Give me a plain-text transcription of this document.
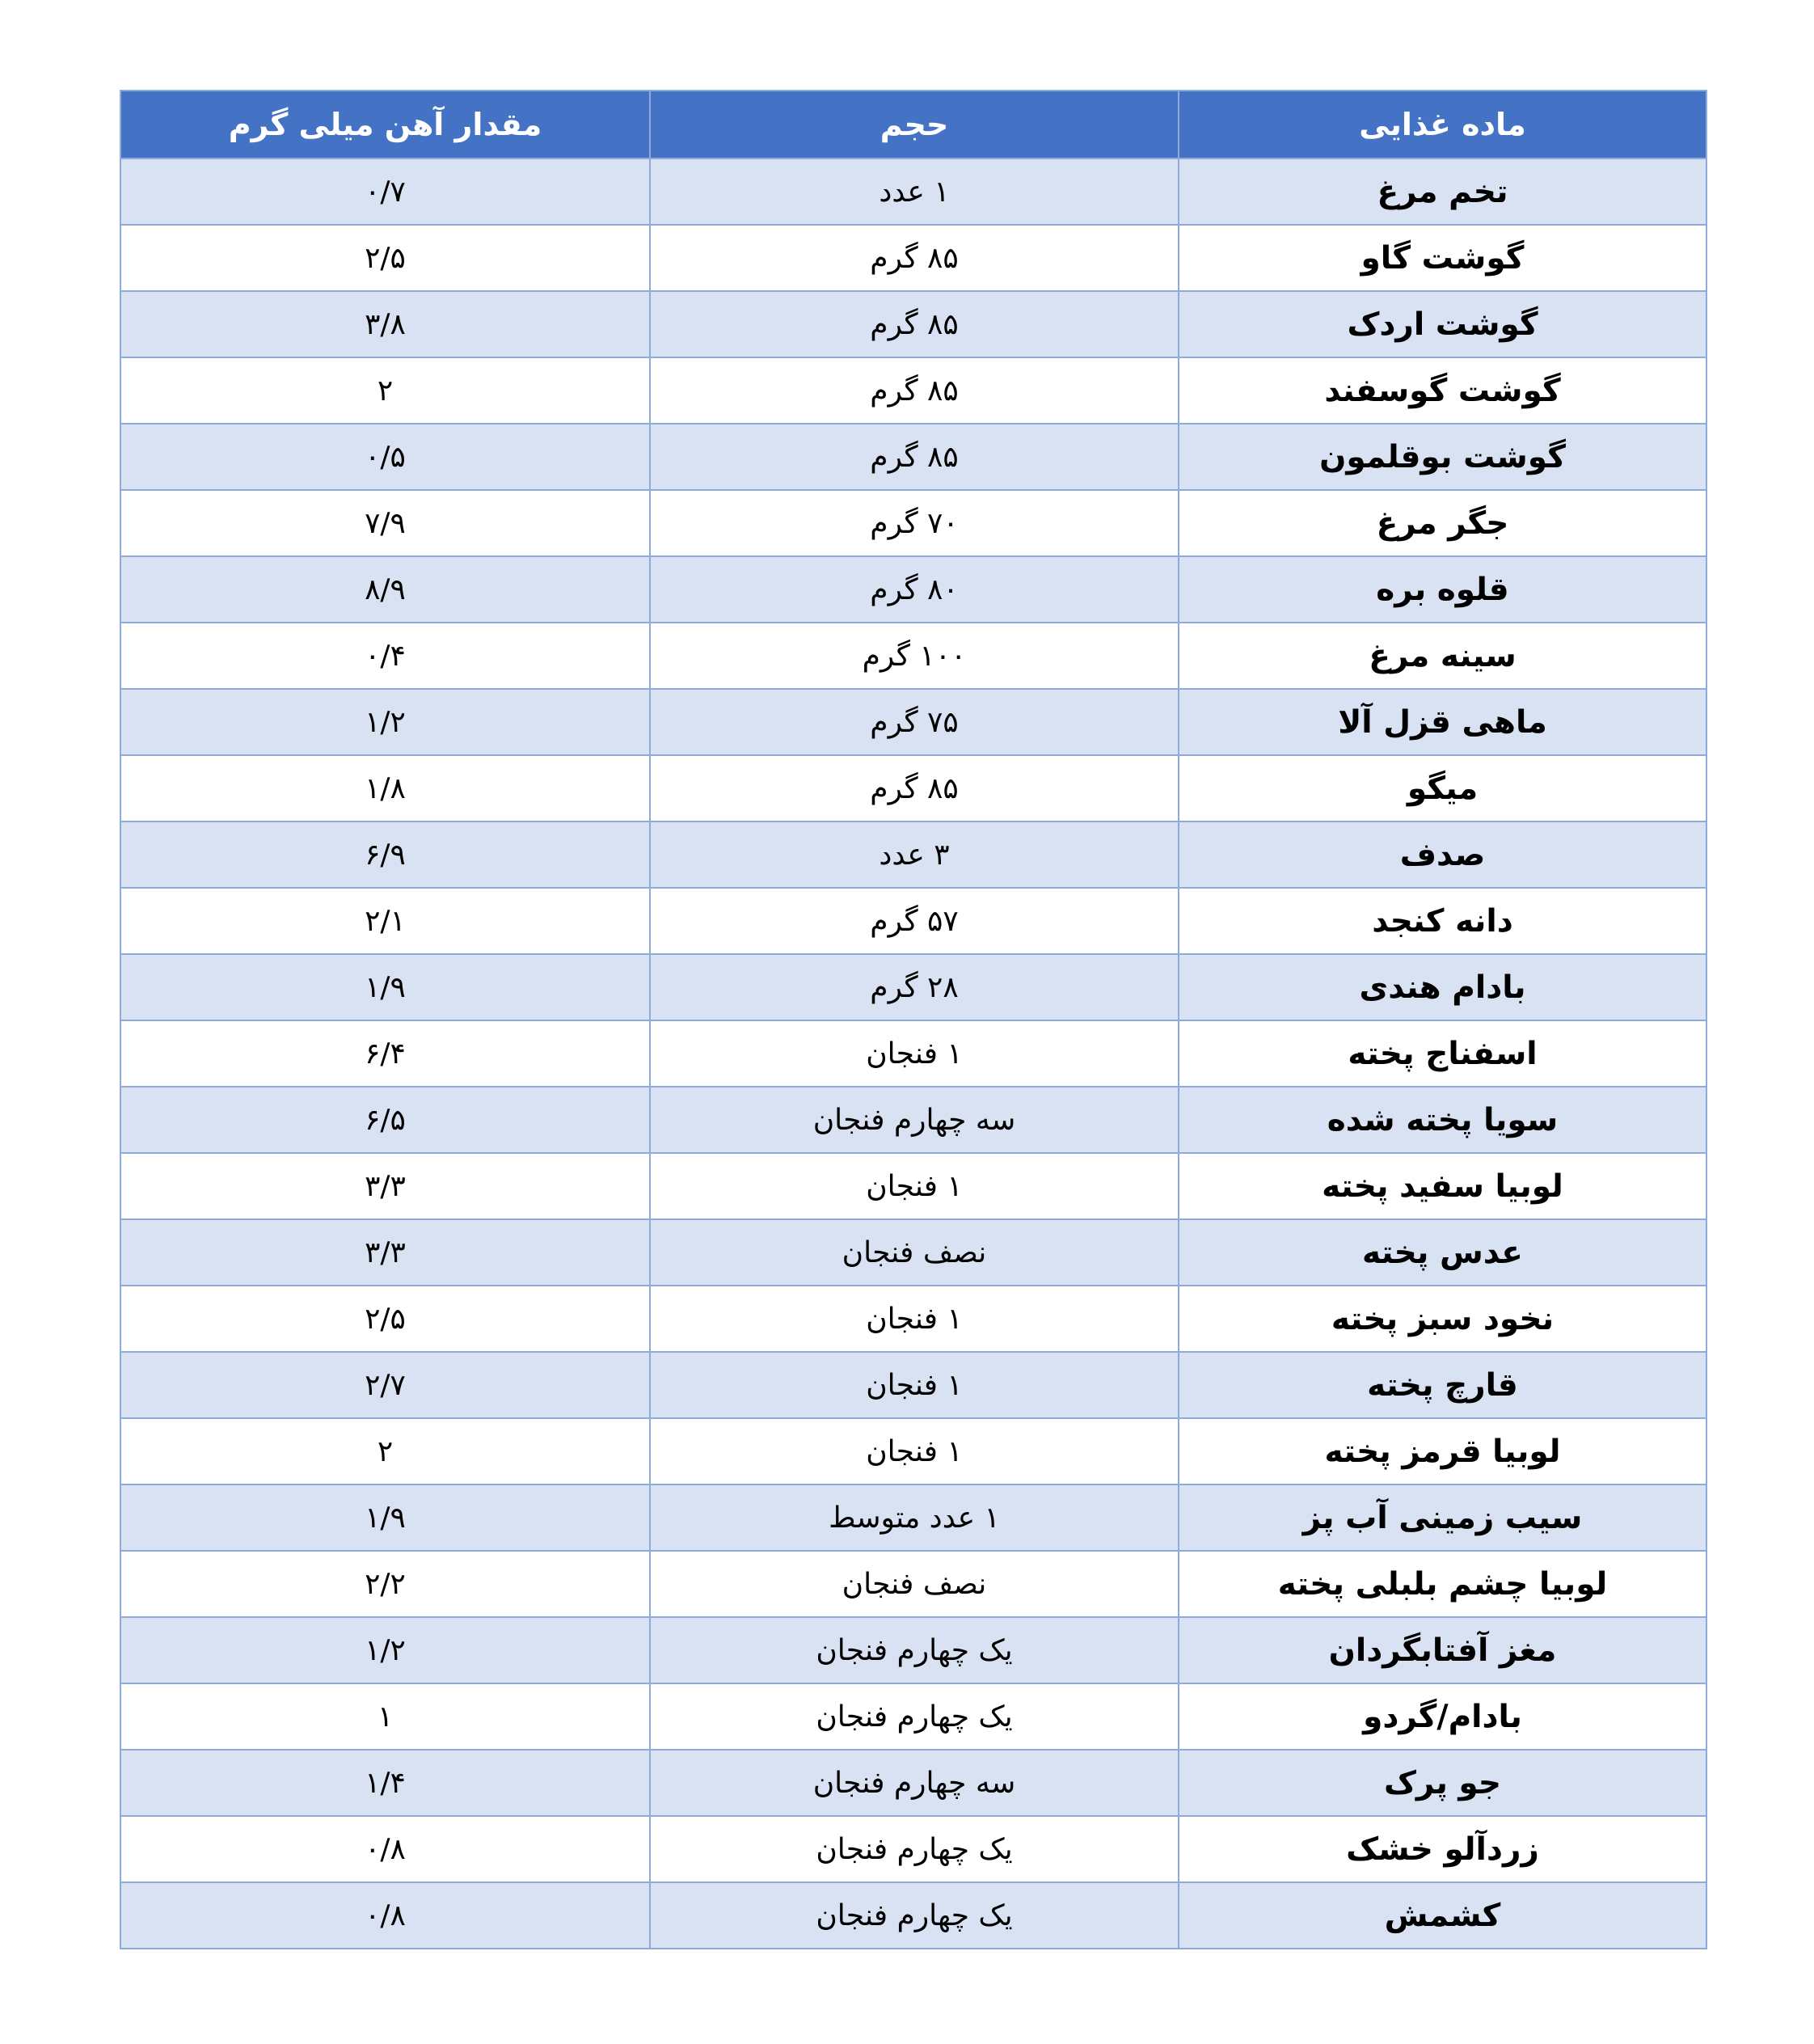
ماده غذایی	حجم	مقدار آهن میلی گرم
تخم مرغ	۱ عدد	۰/۷
گوشت گاو	۸۵ گرم	۲/۵
گوشت اردک	۸۵ گرم	۳/۸
گوشت گوسفند	۸۵ گرم	۲
گوشت بوقلمون	۸۵ گرم	۰/۵
جگر مرغ	۷۰ گرم	۷/۹
قلوه بره	۸۰ گرم	۸/۹
سینه مرغ	۱۰۰ گرم	۰/۴
ماهی قزل آلا	۷۵ گرم	۱/۲
میگو	۸۵ گرم	۱/۸
صدف	۳ عدد	۶/۹
دانه کنجد	۵۷ گرم	۲/۱
بادام هندی	۲۸ گرم	۱/۹
اسفناج پخته	۱ فنجان	۶/۴
سویا پخته شده	سه چهارم فنجان	۶/۵
لوبیا سفید پخته	۱ فنجان	۳/۳
عدس پخته	نصف فنجان	۳/۳
نخود سبز پخته	۱ فنجان	۲/۵
قارچ پخته	۱ فنجان	۲/۷
لوبیا قرمز پخته	۱ فنجان	۲
سیب زمینی آب پز	۱ عدد متوسط	۱/۹
لوبیا چشم بلبلی پخته	نصف فنجان	۲/۲
مغز آفتابگردان	یک چهارم فنجان	۱/۲
بادام/گردو	یک چهارم فنجان	۱
جو پرک	سه چهارم فنجان	۱/۴
زردآلو خشک	یک چهارم فنجان	۰/۸
کشمش	یک چهارم فنجان	۰/۸
